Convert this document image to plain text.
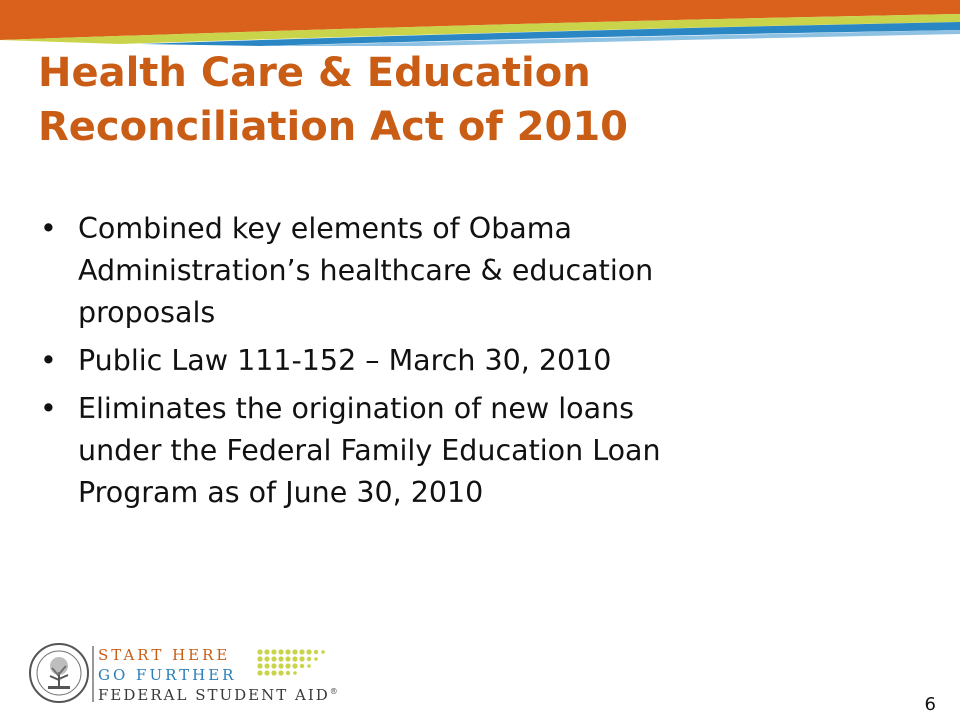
Health Care & Education
Reconciliation Act of 2010
• Combined key elements of Obama
Administration’s healthcare & education
proposals
• Public Law 111-152 – March 30, 2010
• Eliminates the origination of new loans
under the Federal Family Education Loan
Program as of June 30, 2010
START HERE
GO FURTHER
FEDERAL STUDENT AID®
6
